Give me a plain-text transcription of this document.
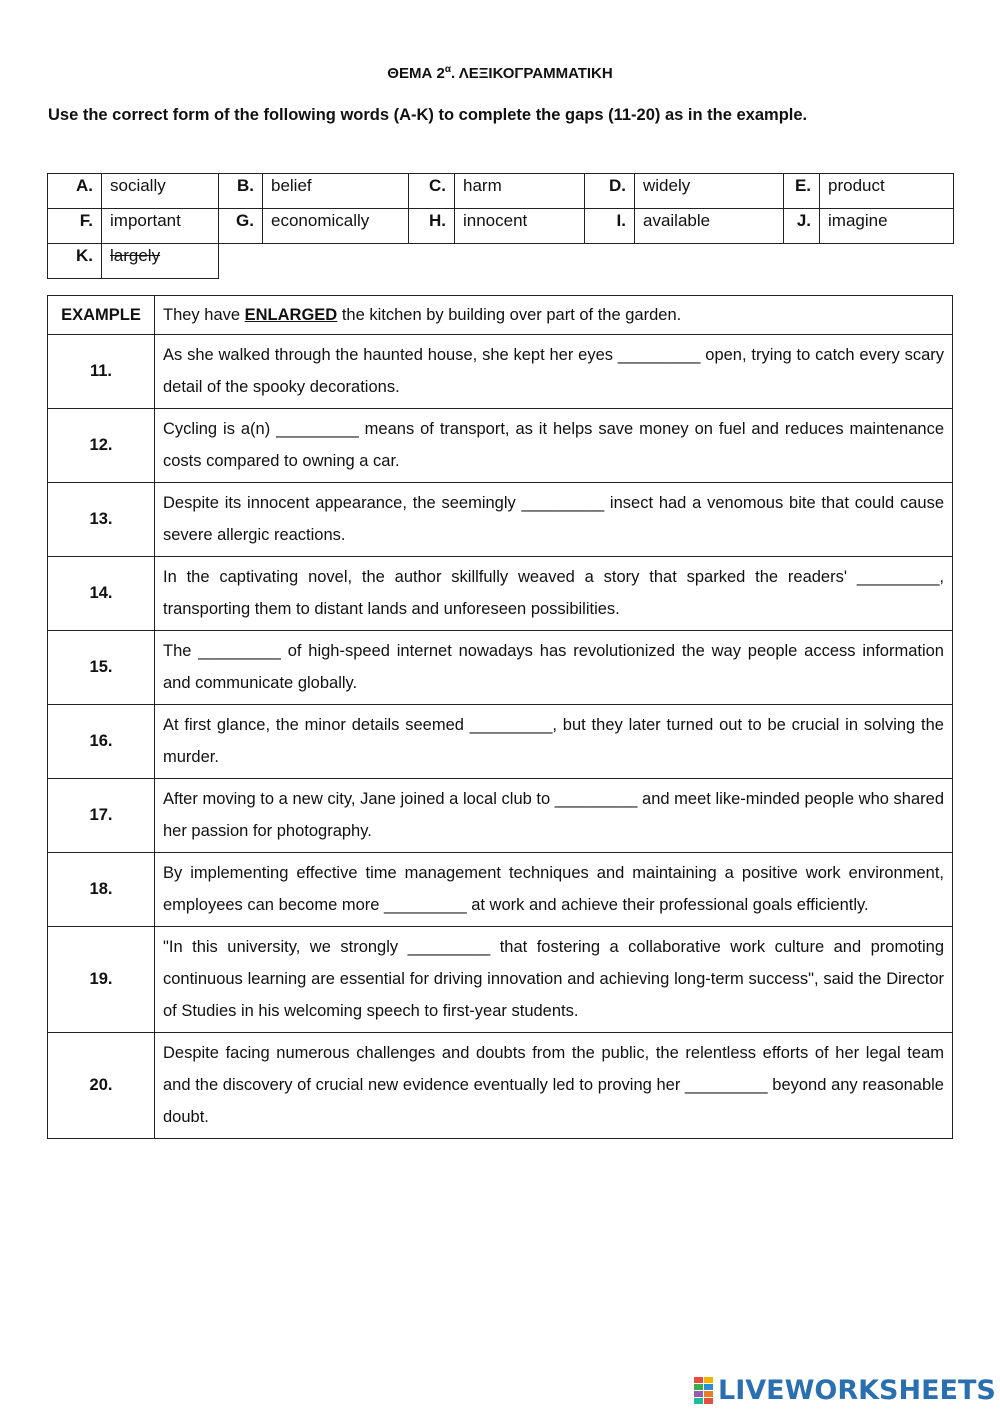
ΘΕΜΑ $2^\alpha$. ΛΕΞΙΚΟΓΡΑΜΜΑΤΙΚΗ
Use the correct form of the following words (A-K) to complete the gaps (11-20) as in the example.
A.	socially	B.	belief	C.	harm	D.	widely	E.	product
F.	important	G.	economically	H.	innocent	I.	available	J.	imagine
K.	largely								
EXAMPLE	They have ENLARGED the kitchen by building over part of the garden.
11.	As she walked through the haunted house, she kept her eyes _________ open, trying to catch every scary detail of the spooky decorations.
12.	Cycling is a(n) _________ means of transport, as it helps save money on fuel and reduces maintenance costs compared to owning a car.
13.	Despite its innocent appearance, the seemingly _________ insect had a venomous bite that could cause severe allergic reactions.
14.	In the captivating novel, the author skillfully weaved a story that sparked the readers' _________, transporting them to distant lands and unforeseen possibilities.
15.	The _________ of high-speed internet nowadays has revolutionized the way people access information and communicate globally.
16.	At first glance, the minor details seemed _________, but they later turned out to be crucial in solving the murder.
17.	After moving to a new city, Jane joined a local club to _________ and meet like-minded people who shared her passion for photography.
18.	By implementing effective time management techniques and maintaining a positive work environment, employees can become more _________ at work and achieve their professional goals efficiently.
19.	"In this university, we strongly _________ that fostering a collaborative work culture and promoting continuous learning are essential for driving innovation and achieving long-term success", said the Director of Studies in his welcoming speech to first-year students.
20.	Despite facing numerous challenges and doubts from the public, the relentless efforts of her legal team and the discovery of crucial new evidence eventually led to proving her _________ beyond any reasonable doubt.
LIVEWORKSHEETS
